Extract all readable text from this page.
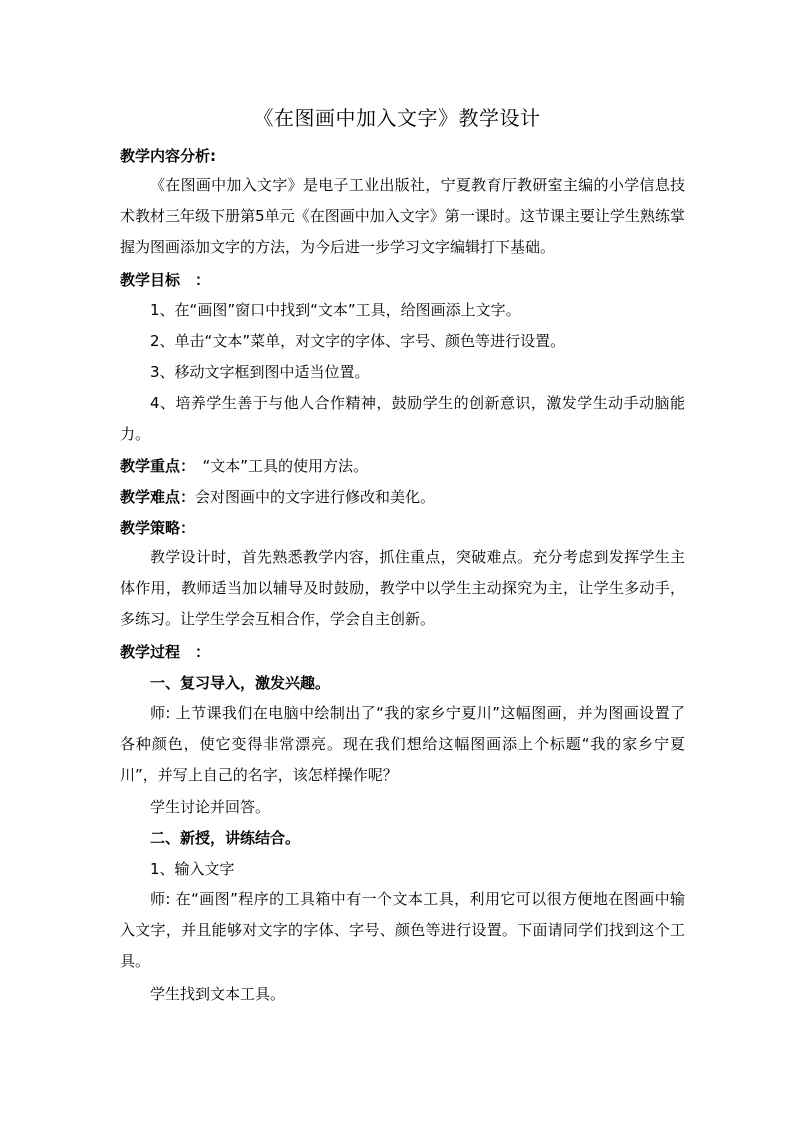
《在图画中加入文字》教学设计
教学内容分析:
《在图画中加入文字》是电子工业出版社，宁夏教育厅教研室主编的小学信息技术教材三年级下册第5单元《在图画中加入文字》第一课时。这节课主要让学生熟练掌握为图画添加文字的方法，为今后进一步学习文字编辑打下基础。
教学目标　：
1、在“画图”窗口中找到“文本”工具，给图画添上文字。
2、单击“文本”菜单，对文字的字体、字号、颜色等进行设置。
3、移动文字框到图中适当位置。
4、培养学生善于与他人合作精神，鼓励学生的创新意识，激发学生动手动脑能力。
教学重点：　“文本”工具的使用方法。
教学难点：会对图画中的文字进行修改和美化。
教学策略：
教学设计时，首先熟悉教学内容，抓住重点，突破难点。充分考虑到发挥学生主体作用，教师适当加以辅导及时鼓励，教学中以学生主动探究为主，让学生多动手，多练习。让学生学会互相合作，学会自主创新。
教学过程　：
一、复习导入，激发兴趣。
师: 上节课我们在电脑中绘制出了“我的家乡宁夏川”这幅图画，并为图画设置了各种颜色，使它变得非常漂亮。现在我们想给这幅图画添上个标题“我的家乡宁夏川”，并写上自己的名字，该怎样操作呢？
学生讨论并回答。
二、新授，讲练结合。
1、输入文字
师: 在“画图”程序的工具箱中有一个文本工具，利用它可以很方便地在图画中输入文字，并且能够对文字的字体、字号、颜色等进行设置。下面请同学们找到这个工具。
学生找到文本工具。
